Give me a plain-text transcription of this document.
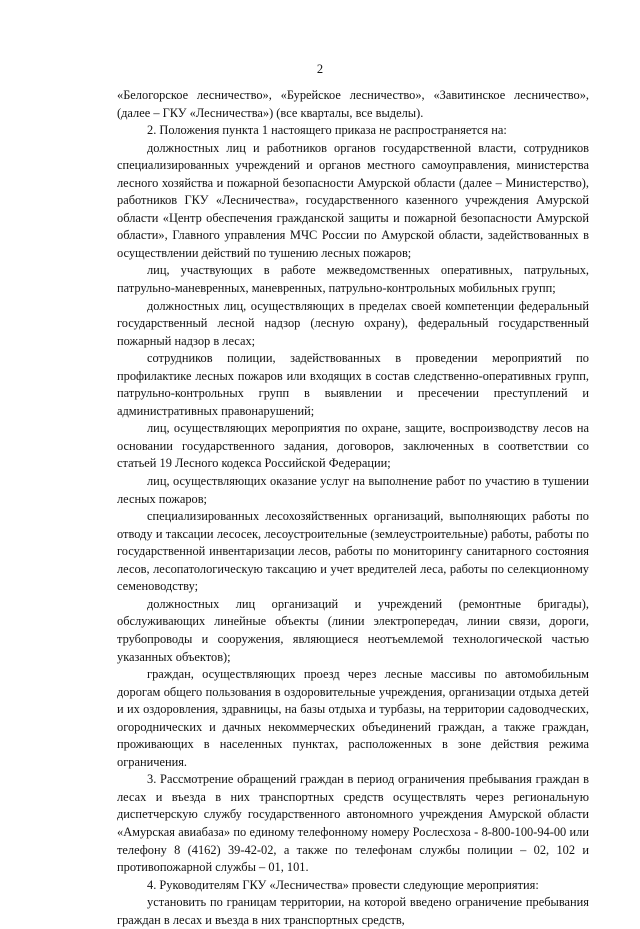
2

«Белогорское лесничество», «Бурейское лесничество», «Завитинское лесничество», (далее – ГКУ «Лесничества») (все кварталы, все выделы).

2. Положения пункта 1 настоящего приказа не распространяется на:

должностных лиц и работников органов государственной власти, сотрудников специализированных учреждений и органов местного самоуправления, министерства лесного хозяйства и пожарной безопасности Амурской области (далее – Министерство), работников ГКУ «Лесничества», государственного казенного учреждения Амурской области «Центр обеспечения гражданской защиты и пожарной безопасности Амурской области», Главного управления МЧС России по Амурской области, задействованных в осуществлении действий по тушению лесных пожаров;

лиц, участвующих в работе межведомственных оперативных, патрульных, патрульно-маневренных, маневренных, патрульно-контрольных мобильных групп;

должностных лиц, осуществляющих в пределах своей компетенции федеральный государственный лесной надзор (лесную охрану), федеральный государственный пожарный надзор в лесах;

сотрудников полиции, задействованных в проведении мероприятий по профилактике лесных пожаров или входящих в состав следственно-оперативных групп, патрульно-контрольных групп в выявлении и пресечении преступлений и административных правонарушений;

лиц, осуществляющих мероприятия по охране, защите, воспроизводству лесов на основании государственного задания, договоров, заключенных в соответствии со статьей 19 Лесного кодекса Российской Федерации;

лиц, осуществляющих оказание услуг на выполнение работ по участию в тушении лесных пожаров;

специализированных лесохозяйственных организаций, выполняющих работы по отводу и таксации лесосек, лесоустроительные (землеустроительные) работы, работы по государственной инвентаризации лесов, работы по мониторингу санитарного состояния лесов, лесопатологическую таксацию и учет вредителей леса, работы по селекционному семеноводству;

должностных лиц организаций и учреждений (ремонтные бригады), обслуживающих линейные объекты (линии электропередач, линии связи, дороги, трубопроводы и сооружения, являющиеся неотъемлемой технологической частью указанных объектов);

граждан, осуществляющих проезд через лесные массивы по автомобильным дорогам общего пользования в оздоровительные учреждения, организации отдыха детей и их оздоровления, здравницы, на базы отдыха и турбазы, на территории садоводческих, огороднических и дачных некоммерческих объединений граждан, а также граждан, проживающих в населенных пунктах, расположенных в зоне действия режима ограничения.

3. Рассмотрение обращений граждан в период ограничения пребывания граждан в лесах и въезда в них транспортных средств осуществлять через региональную диспетчерскую службу государственного автономного учреждения Амурской области «Амурская авиабаза» по единому телефонному номеру Рослесхоза - 8-800-100-94-00 или телефону 8 (4162) 39-42-02, а также по телефонам службы полиции – 02, 102 и противопожарной службы – 01, 101.

4. Руководителям ГКУ «Лесничества» провести следующие мероприятия:

установить по границам территории, на которой введено ограничение пребывания граждан в лесах и въезда в них транспортных средств,
